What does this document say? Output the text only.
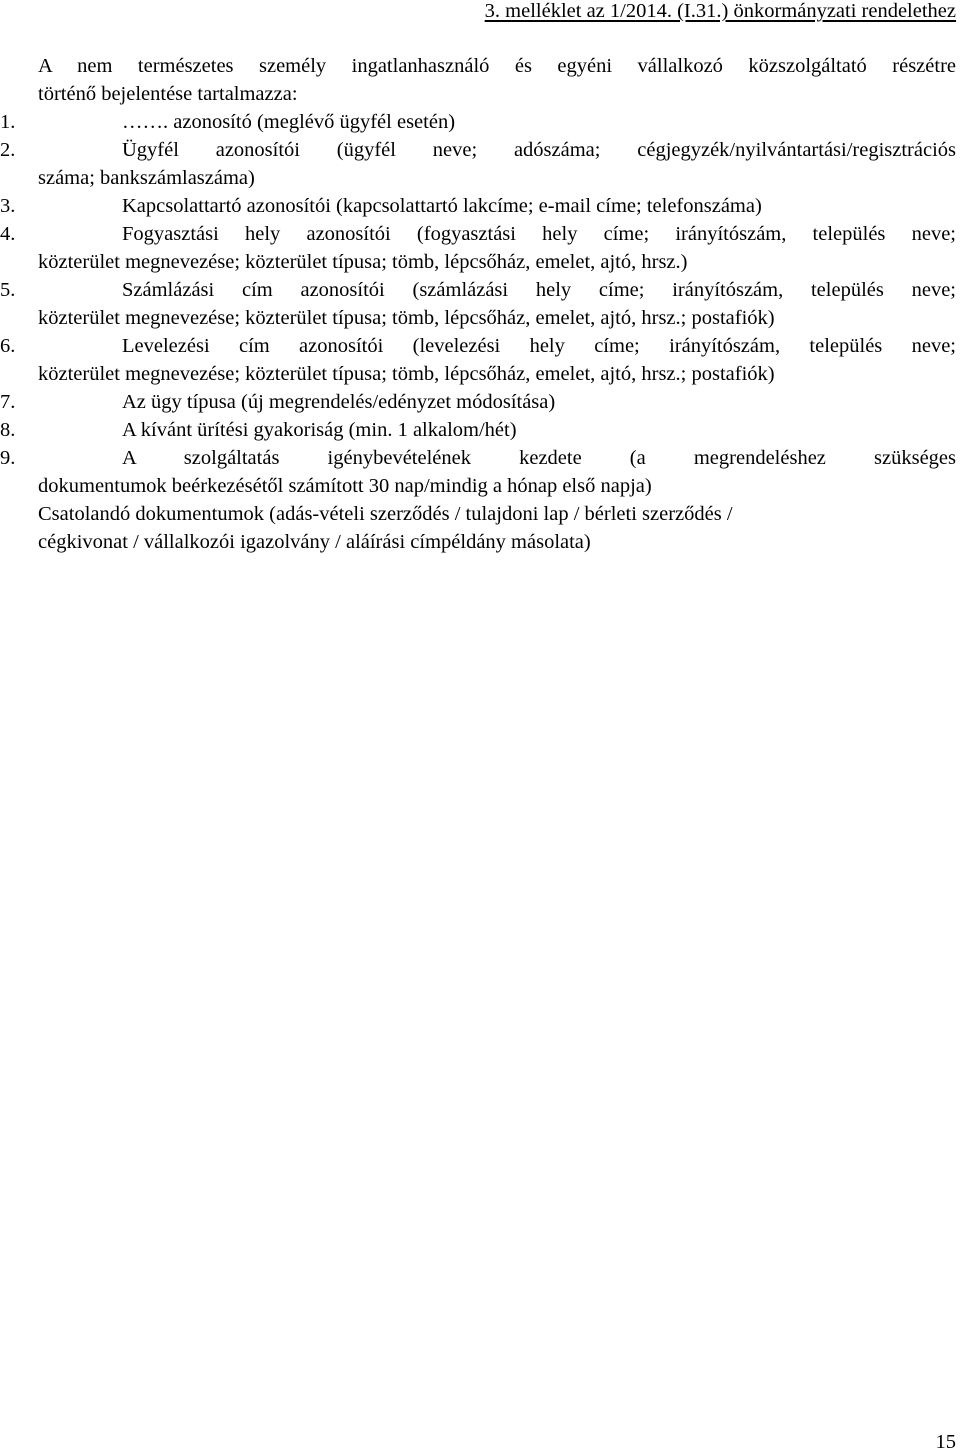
3. melléklet az 1/2014. (I.31.) önkormányzati rendelethez

A nem természetes személy ingatlanhasználó és egyéni vállalkozó közszolgáltató részétre
történő bejelentése tartalmazza:

1.	……. azonosító (meglévő ügyfél esetén)
2.	Ügyfél azonosítói (ügyfél neve; adószáma; cégjegyzék/nyilvántartási/regisztrációs
száma; bankszámlaszáma)
3.	Kapcsolattartó azonosítói (kapcsolattartó lakcíme; e-mail címe; telefonszáma)
4.	Fogyasztási hely azonosítói (fogyasztási hely címe; irányítószám, település neve;
közterület megnevezése; közterület típusa; tömb, lépcsőház, emelet, ajtó, hrsz.)
5.	Számlázási cím azonosítói (számlázási hely címe; irányítószám, település neve;
közterület megnevezése; közterület típusa; tömb, lépcsőház, emelet, ajtó, hrsz.; postafiók)
6.	Levelezési cím azonosítói (levelezési hely címe; irányítószám, település neve;
közterület megnevezése; közterület típusa; tömb, lépcsőház, emelet, ajtó, hrsz.; postafiók)
7.	Az ügy típusa (új megrendelés/edényzet módosítása)
8.	A kívánt ürítési gyakoriság (min. 1 alkalom/hét)
9.	A szolgáltatás igénybevételének kezdete (a megrendeléshez szükséges
dokumentumok beérkezésétől számított 30 nap/mindig a hónap első napja)

Csatolandó dokumentumok (adás-vételi szerződés / tulajdoni lap / bérleti szerződés /
cégkivonat / vállalkozói igazolvány / aláírási címpéldány másolata)

15
